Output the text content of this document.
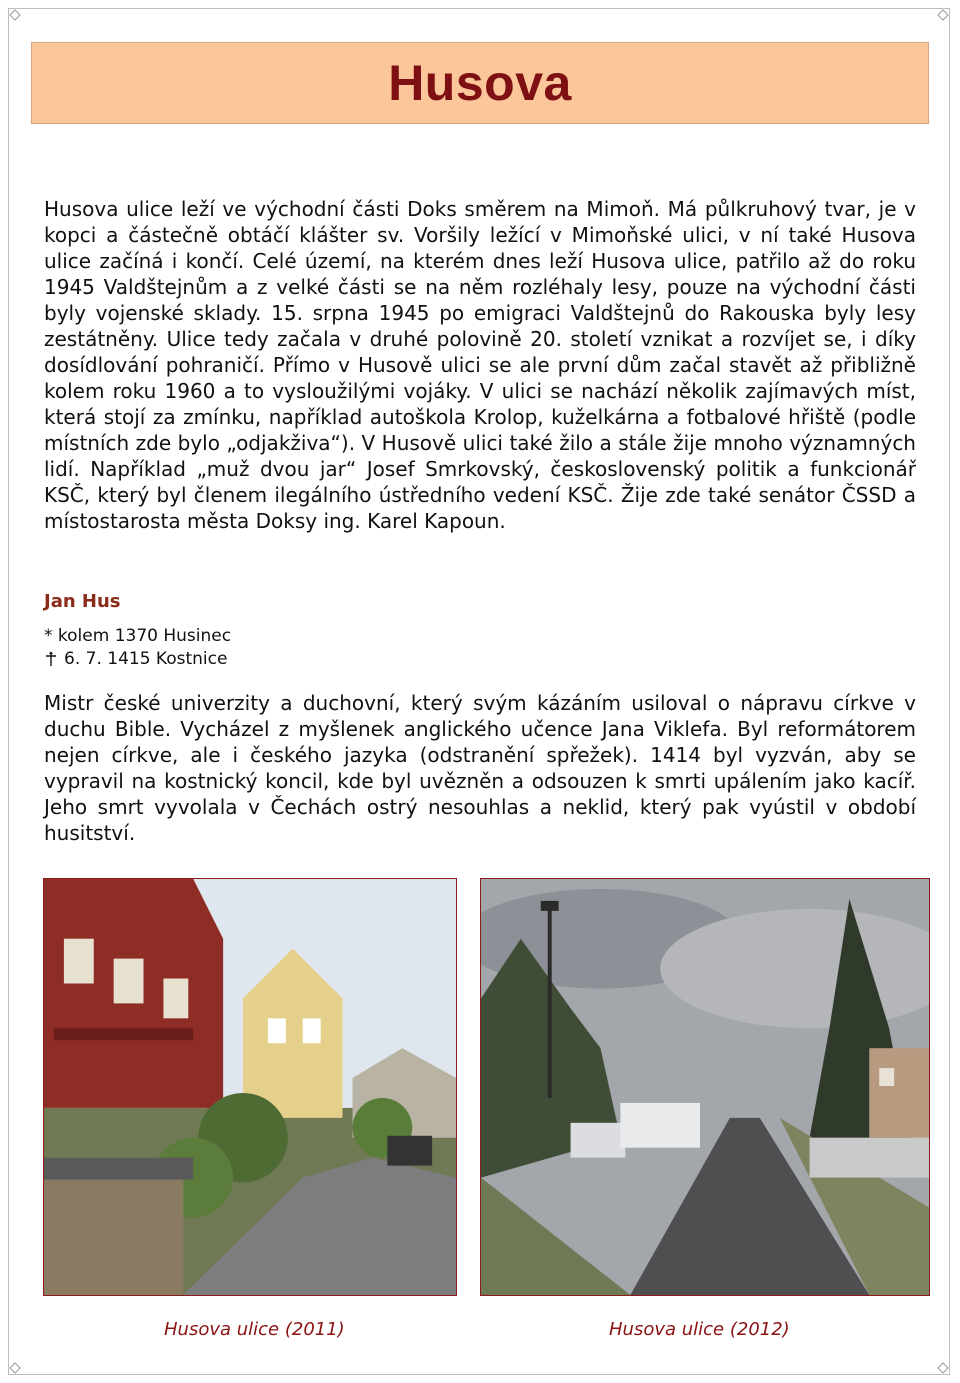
Husova

Husova ulice leží ve východní části Doks směrem na Mimoň. Má půlkruhový tvar, je v kopci a částečně obtáčí klášter sv. Voršily ležící v Mimoňské ulici, v ní také Husova ulice začíná i končí. Celé území, na kterém dnes leží Husova ulice, patřilo až do roku 1945 Valdštejnům a z velké části se na něm rozléhaly lesy, pouze na východní části byly vojenské sklady. 15. srpna 1945 po emigraci Valdštejnů do Rakouska byly lesy zestátněny. Ulice tedy začala v druhé polovině 20. století vznikat a rozvíjet se, i díky dosídlování pohraničí. Přímo v Husově ulici se ale první dům začal stavět až přibližně kolem roku 1960 a to vysloužilými vojáky. V ulici se nachází několik zajímavých míst, která stojí za zmínku, například autoškola Krolop, kuželkárna a fotbalové hřiště (podle místních zde bylo „odjakživa“). V Husově ulici také žilo a stále žije mnoho významných lidí. Například „muž dvou jar“ Josef Smrkovský, československý politik a funkcionář KSČ, který byl členem ilegálního ústředního vedení KSČ. Žije zde také senátor ČSSD a místostarosta města Doksy ing. Karel Kapoun.

Jan Hus

* kolem 1370 Husinec

6. 7. 1415 Kostnice

Mistr české univerzity a duchovní, který svým kázáním usiloval o nápravu církve v duchu Bible. Vycházel z myšlenek anglického učence Jana Viklefa. Byl reformátorem nejen církve, ale i českého jazyka (odstranění spřežek). 1414 byl vyzván, aby se vypravil na kostnický koncil, kde byl uvězněn a odsouzen k smrti upálením jako kacíř. Jeho smrt vyvolala v Čechách ostrý nesouhlas a neklid, který pak vyústil v období husitství.

Husova ulice (2011)	Husova ulice (2012)
